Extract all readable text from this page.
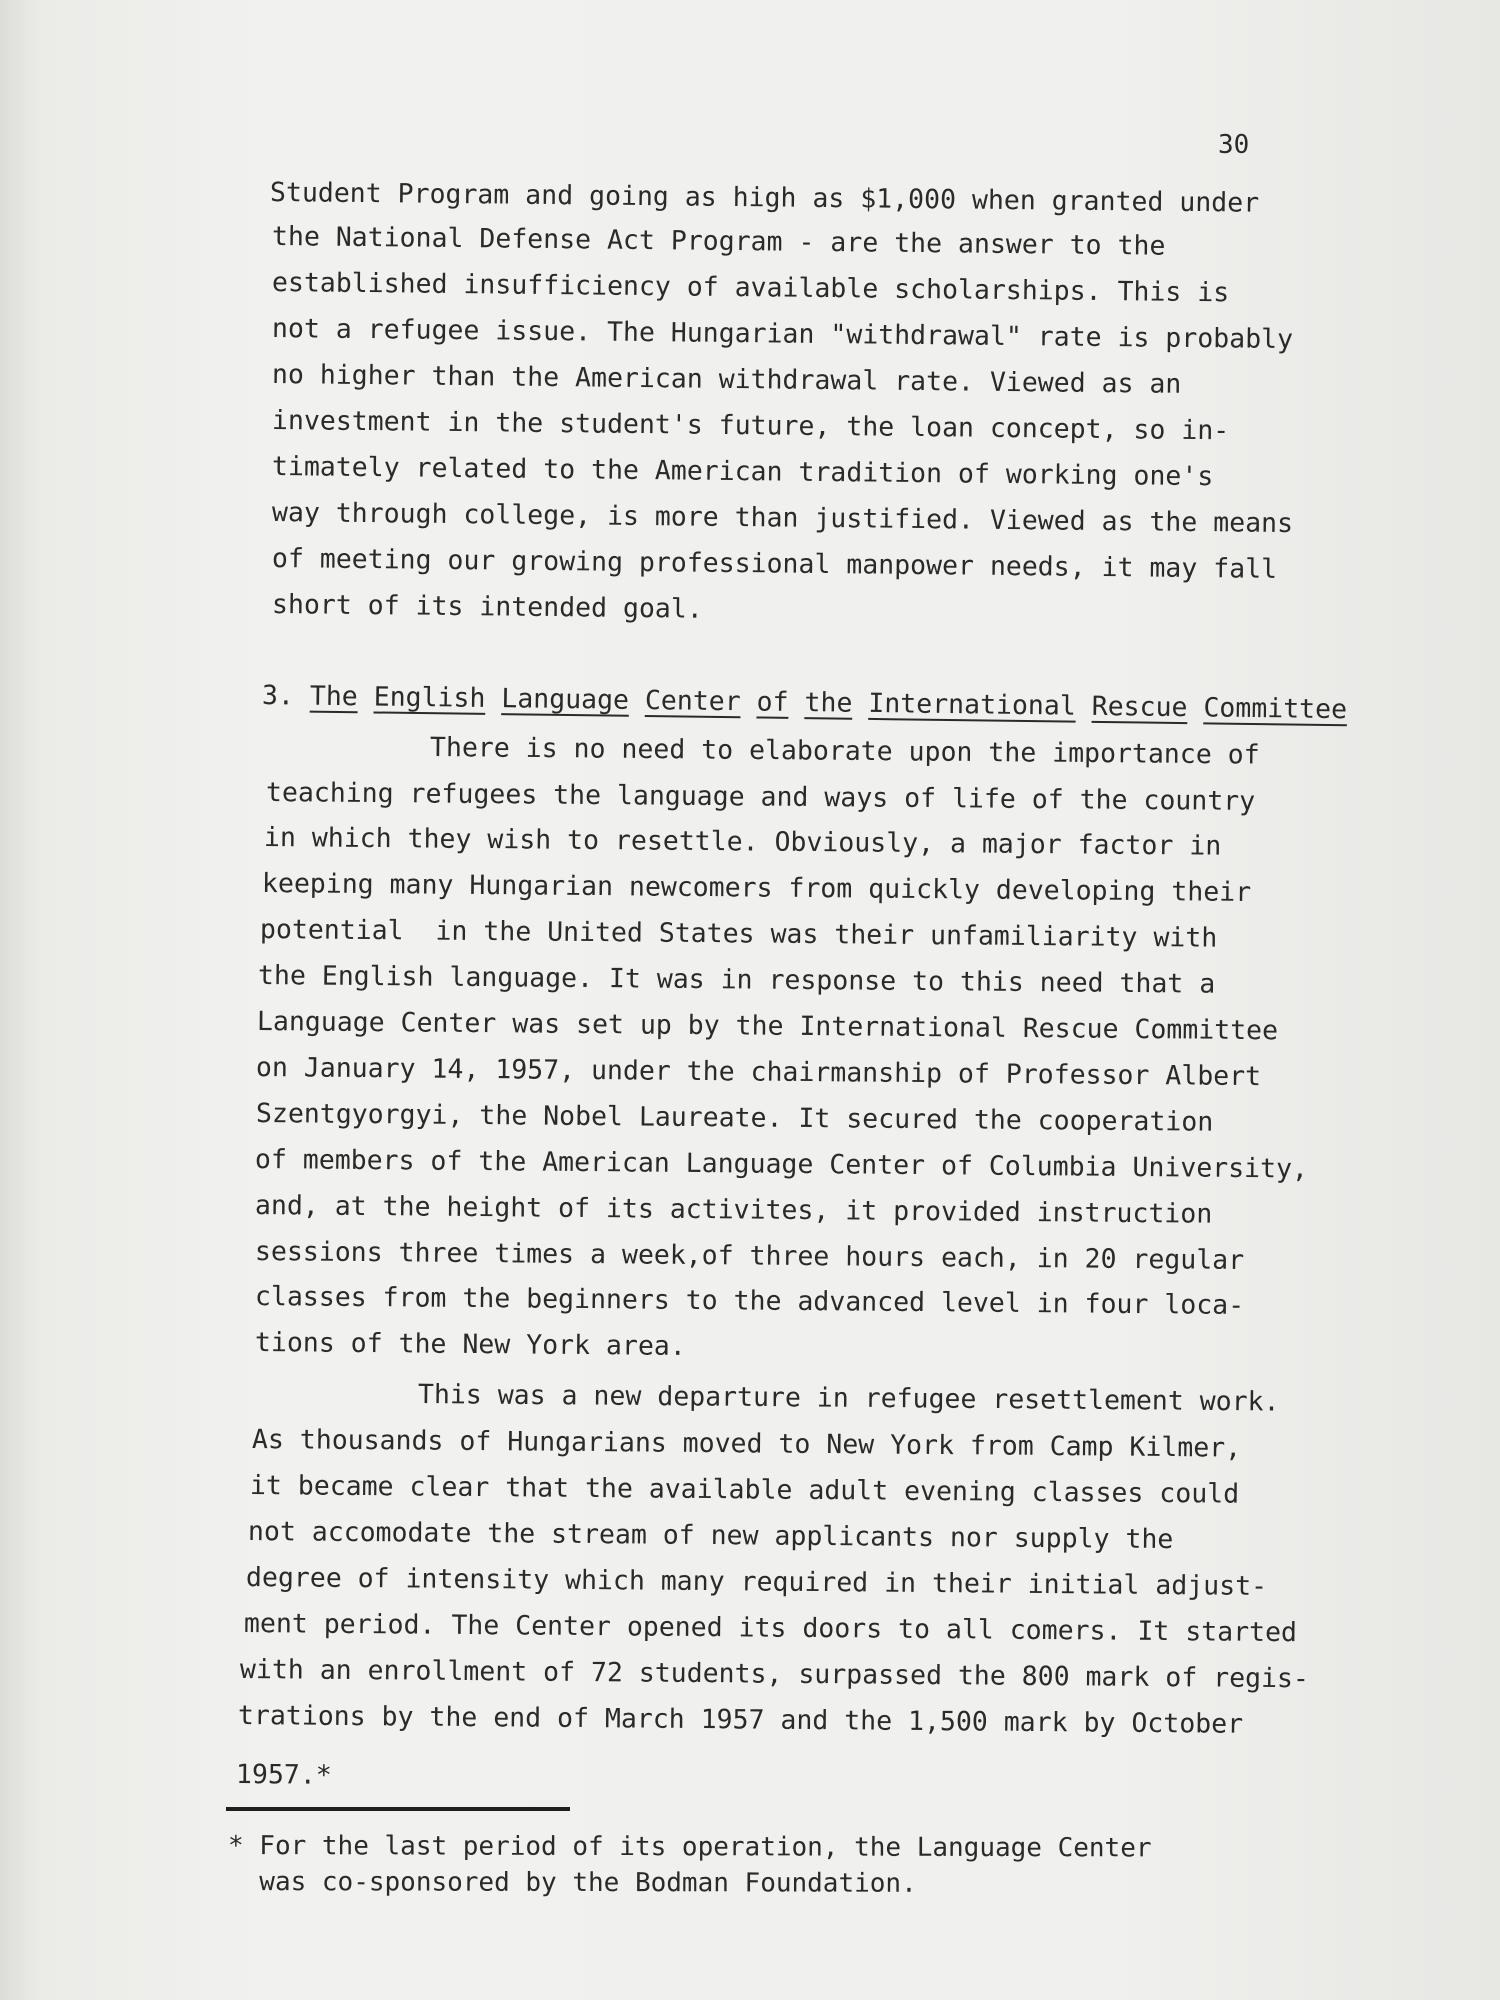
30
Student Program and going as high as $1,000 when granted under
the National Defense Act Program - are the answer to the
established insufficiency of available scholarships. This is
not a refugee issue. The Hungarian "withdrawal" rate is probably
no higher than the American withdrawal rate. Viewed as an
investment in the student's future, the loan concept, so in-
timately related to the American tradition of working one's
way through college, is more than justified. Viewed as the means
of meeting our growing professional manpower needs, it may fall
short of its intended goal.
3. The English Language Center of the International Rescue Committee
There is no need to elaborate upon the importance of
teaching refugees the language and ways of life of the country
in which they wish to resettle. Obviously, a major factor in
keeping many Hungarian newcomers from quickly developing their
potential  in the United States was their unfamiliarity with
the English language. It was in response to this need that a
Language Center was set up by the International Rescue Committee
on January 14, 1957, under the chairmanship of Professor Albert
Szentgyorgyi, the Nobel Laureate. It secured the cooperation
of members of the American Language Center of Columbia University,
and, at the height of its activites, it provided instruction
sessions three times a week,of three hours each, in 20 regular
classes from the beginners to the advanced level in four loca-
tions of the New York area.
This was a new departure in refugee resettlement work.
As thousands of Hungarians moved to New York from Camp Kilmer,
it became clear that the available adult evening classes could
not accomodate the stream of new applicants nor supply the
degree of intensity which many required in their initial adjust-
ment period. The Center opened its doors to all comers. It started
with an enrollment of 72 students, surpassed the 800 mark of regis-
trations by the end of March 1957 and the 1,500 mark by October
1957.*
* For the last period of its operation, the Language Center
was co-sponsored by the Bodman Foundation.
